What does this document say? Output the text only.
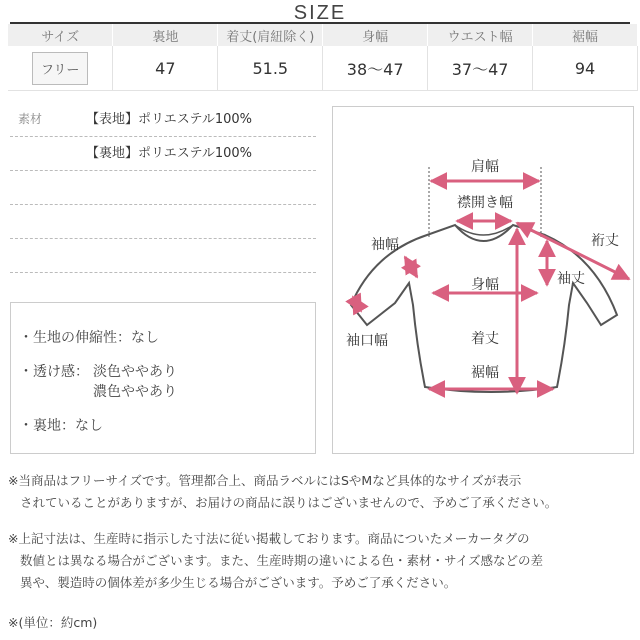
SIZE
サイズ	裏地	着丈(肩紐除く)	身幅	ウエスト幅	裾幅
フリー	47	51.5	38〜47	37〜47	94
素材	【表地】ポリエステル100%
【裏地】ポリエステル100%
・生地の伸縮性：なし
・透け感： 淡色ややあり
濃色ややあり
・裏地：なし
肩幅
襟開き幅
裄丈
袖幅
袖丈
身幅
袖口幅	着丈
裾幅
※当商品はフリーサイズです。管理都合上、商品ラベルにはSやMなど具体的なサイズが表示
されていることがありますが、お届けの商品に誤りはございませんので、予めご了承ください。
※上記寸法は、生産時に指示した寸法に従い掲載しております。商品についたメーカータグの
数値とは異なる場合がございます。また、生産時期の違いによる色・素材・サイズ感などの差
異や、製造時の個体差が多少生じる場合がございます。予めご了承ください。
※(単位：約cm)
